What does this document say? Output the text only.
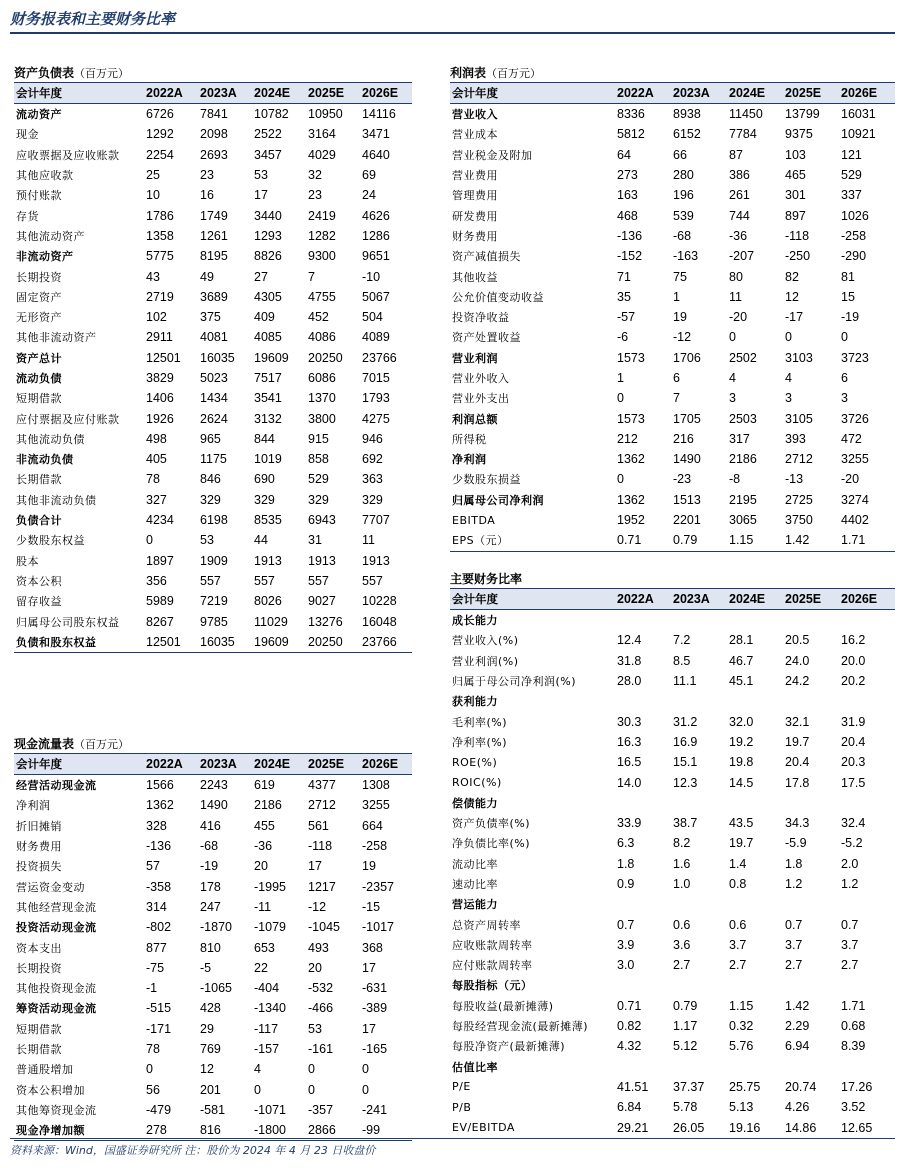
财务报表和主要财务比率
资产负债表（百万元）
会计年度	2022A	2023A	2024E	2025E	2026E
流动资产	6726	7841	10782	10950	14116
现金	1292	2098	2522	3164	3471
应收票据及应收账款	2254	2693	3457	4029	4640
其他应收款	25	23	53	32	69
预付账款	10	16	17	23	24
存货	1786	1749	3440	2419	4626
其他流动资产	1358	1261	1293	1282	1286
非流动资产	5775	8195	8826	9300	9651
长期投资	43	49	27	7	-10
固定资产	2719	3689	4305	4755	5067
无形资产	102	375	409	452	504
其他非流动资产	2911	4081	4085	4086	4089
资产总计	12501	16035	19609	20250	23766
流动负债	3829	5023	7517	6086	7015
短期借款	1406	1434	3541	1370	1793
应付票据及应付账款	1926	2624	3132	3800	4275
其他流动负债	498	965	844	915	946
非流动负债	405	1175	1019	858	692
长期借款	78	846	690	529	363
其他非流动负债	327	329	329	329	329
负债合计	4234	6198	8535	6943	7707
少数股东权益	0	53	44	31	11
股本	1897	1909	1913	1913	1913
资本公积	356	557	557	557	557
留存收益	5989	7219	8026	9027	10228
归属母公司股东权益	8267	9785	11029	13276	16048
负债和股东权益	12501	16035	19609	20250	23766
现金流量表（百万元）
会计年度	2022A	2023A	2024E	2025E	2026E
经营活动现金流	1566	2243	619	4377	1308
净利润	1362	1490	2186	2712	3255
折旧摊销	328	416	455	561	664
财务费用	-136	-68	-36	-118	-258
投资损失	57	-19	20	17	19
营运资金变动	-358	178	-1995	1217	-2357
其他经营现金流	314	247	-11	-12	-15
投资活动现金流	-802	-1870	-1079	-1045	-1017
资本支出	877	810	653	493	368
长期投资	-75	-5	22	20	17
其他投资现金流	-1	-1065	-404	-532	-631
筹资活动现金流	-515	428	-1340	-466	-389
短期借款	-171	29	-117	53	17
长期借款	78	769	-157	-161	-165
普通股增加	0	12	4	0	0
资本公积增加	56	201	0	0	0
其他筹资现金流	-479	-581	-1071	-357	-241
现金净增加额	278	816	-1800	2866	-99
利润表（百万元）
会计年度	2022A	2023A	2024E	2025E	2026E
营业收入	8336	8938	11450	13799	16031
营业成本	5812	6152	7784	9375	10921
营业税金及附加	64	66	87	103	121
营业费用	273	280	386	465	529
管理费用	163	196	261	301	337
研发费用	468	539	744	897	1026
财务费用	-136	-68	-36	-118	-258
资产减值损失	-152	-163	-207	-250	-290
其他收益	71	75	80	82	81
公允价值变动收益	35	1	11	12	15
投资净收益	-57	19	-20	-17	-19
资产处置收益	-6	-12	0	0	0
营业利润	1573	1706	2502	3103	3723
营业外收入	1	6	4	4	6
营业外支出	0	7	3	3	3
利润总额	1573	1705	2503	3105	3726
所得税	212	216	317	393	472
净利润	1362	1490	2186	2712	3255
少数股东损益	0	-23	-8	-13	-20
归属母公司净利润	1362	1513	2195	2725	3274
EBITDA	1952	2201	3065	3750	4402
EPS（元）	0.71	0.79	1.15	1.42	1.71
主要财务比率
会计年度	2022A	2023A	2024E	2025E	2026E
成长能力					
营业收入(%)	12.4	7.2	28.1	20.5	16.2
营业利润(%)	31.8	8.5	46.7	24.0	20.0
归属于母公司净利润(%)	28.0	11.1	45.1	24.2	20.2
获利能力					
毛利率(%)	30.3	31.2	32.0	32.1	31.9
净利率(%)	16.3	16.9	19.2	19.7	20.4
ROE(%)	16.5	15.1	19.8	20.4	20.3
ROIC(%)	14.0	12.3	14.5	17.8	17.5
偿债能力					
资产负债率(%)	33.9	38.7	43.5	34.3	32.4
净负债比率(%)	6.3	8.2	19.7	-5.9	-5.2
流动比率	1.8	1.6	1.4	1.8	2.0
速动比率	0.9	1.0	0.8	1.2	1.2
营运能力					
总资产周转率	0.7	0.6	0.6	0.7	0.7
应收账款周转率	3.9	3.6	3.7	3.7	3.7
应付账款周转率	3.0	2.7	2.7	2.7	2.7
每股指标（元）					
每股收益(最新摊薄)	0.71	0.79	1.15	1.42	1.71
每股经营现金流(最新摊薄)	0.82	1.17	0.32	2.29	0.68
每股净资产(最新摊薄)	4.32	5.12	5.76	6.94	8.39
估值比率					
P/E	41.51	37.37	25.75	20.74	17.26
P/B	6.84	5.78	5.13	4.26	3.52
EV/EBITDA	29.21	26.05	19.16	14.86	12.65
资料来源：Wind，国盛证券研究所 注：股价为 2024 年 4 月 23 日收盘价
